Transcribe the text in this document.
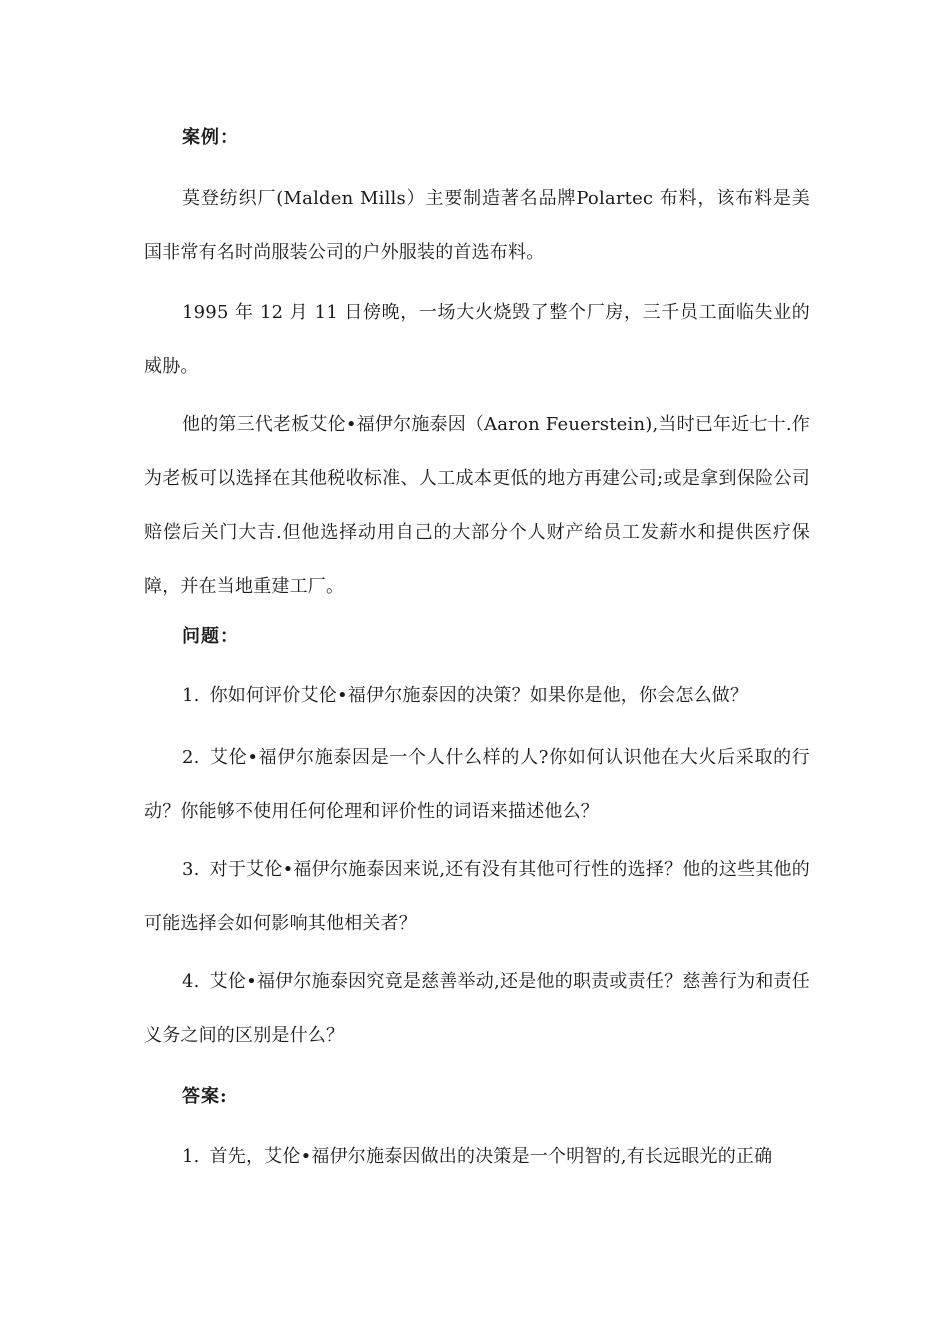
案例：

莫登纺织厂(Malden Mills）主要制造著名品牌Polartec 布料，该布料是美国非常有名时尚服装公司的户外服装的首选布料。

1995 年 12 月 11 日傍晚，一场大火烧毁了整个厂房，三千员工面临失业的威胁。

他的第三代老板艾伦•福伊尔施泰因（Aaron Feuerstein),当时已年近七十.作为老板可以选择在其他税收标准、人工成本更低的地方再建公司;或是拿到保险公司赔偿后关门大吉.但他选择动用自己的大部分个人财产给员工发薪水和提供医疗保障，并在当地重建工厂。

问题：

1. 你如何评价艾伦•福伊尔施泰因的决策？如果你是他，你会怎么做？

2. 艾伦•福伊尔施泰因是一个人什么样的人?你如何认识他在大火后采取的行动？你能够不使用任何伦理和评价性的词语来描述他么？

3. 对于艾伦•福伊尔施泰因来说,还有没有其他可行性的选择？他的这些其他的可能选择会如何影响其他相关者？

4. 艾伦•福伊尔施泰因究竟是慈善举动,还是他的职责或责任？慈善行为和责任义务之间的区别是什么？

答案:

1. 首先，艾伦•福伊尔施泰因做出的决策是一个明智的,有长远眼光的正确
